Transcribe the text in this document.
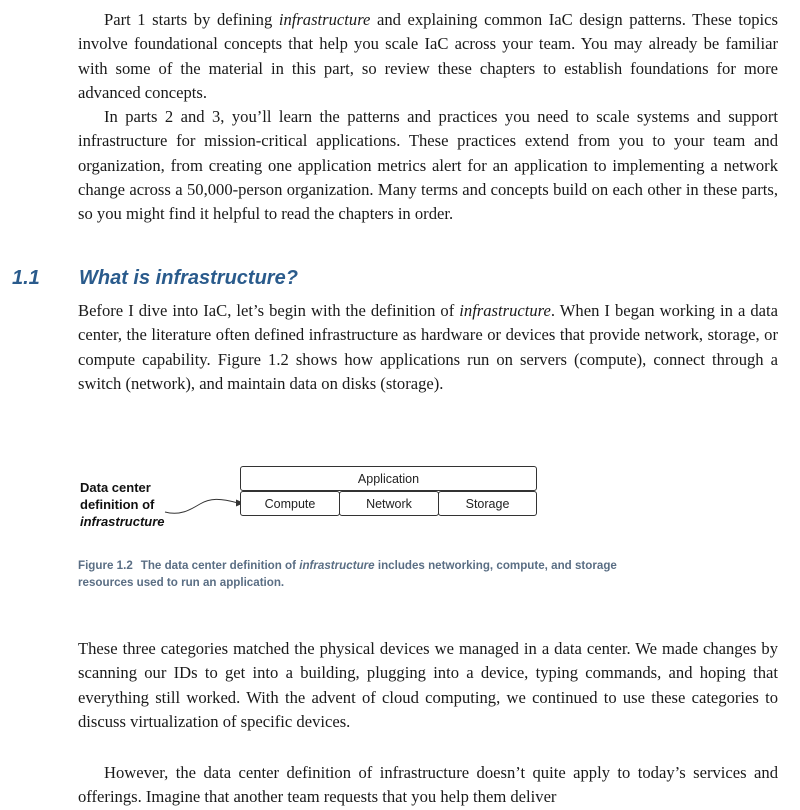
Part 1 starts by defining infrastructure and explaining common IaC design patterns. These topics involve foundational concepts that help you scale IaC across your team. You may already be familiar with some of the material in this part, so review these chapters to establish foundations for more advanced concepts.

In parts 2 and 3, you’ll learn the patterns and practices you need to scale systems and support infrastructure for mission-critical applications. These practices extend from you to your team and organization, from creating one application metrics alert for an application to implementing a network change across a 50,000-person organization. Many terms and concepts build on each other in these parts, so you might find it helpful to read the chapters in order.

1.1 What is infrastructure?

Before I dive into IaC, let’s begin with the definition of infrastructure. When I began working in a data center, the literature often defined infrastructure as hardware or devices that provide network, storage, or compute capability. Figure 1.2 shows how applications run on servers (compute), connect through a switch (network), and maintain data on disks (storage).

Data center
definition of
infrastructure
Application
Compute	Network	Storage
Figure 1.2 The data center definition of infrastructure includes networking, compute, and storage resources used to run an application.

These three categories matched the physical devices we managed in a data center. We made changes by scanning our IDs to get into a building, plugging into a device, typing commands, and hoping that everything still worked. With the advent of cloud computing, we continued to use these categories to discuss virtualization of specific devices.

However, the data center definition of infrastructure doesn’t quite apply to today’s services and offerings. Imagine that another team requests that you help them deliver
